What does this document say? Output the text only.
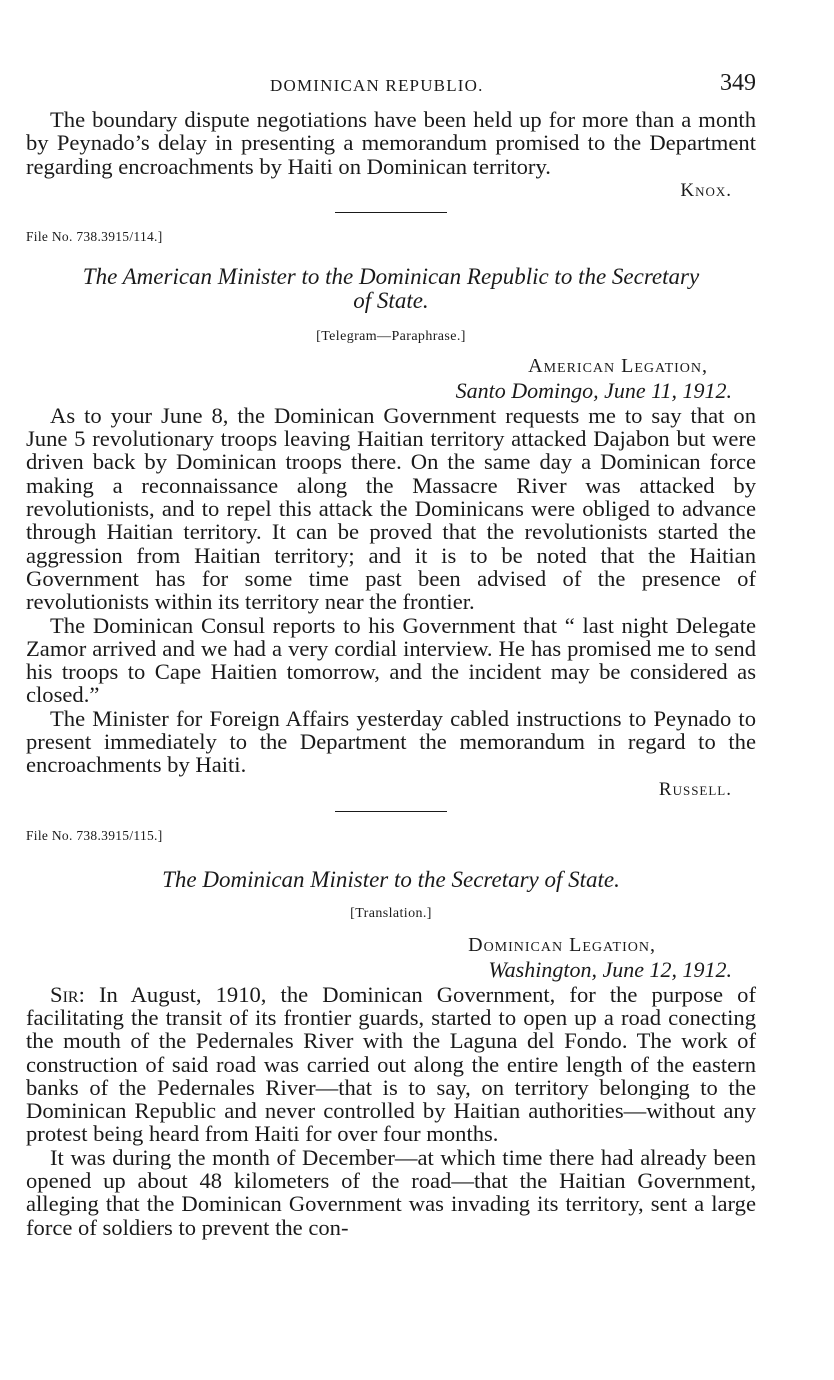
DOMINICAN REPUBLIO.	349

The boundary dispute negotiations have been held up for more than a month by Peynado’s delay in presenting a memorandum promised to the Department regarding encroachments by Haiti on Dominican territory.

Knox.
File No. 738.3915/114.]
The American Minister to the Dominican Republic to the Secretary
of State.
[Telegram—Paraphrase.]
American Legation,
Santo Domingo, June 11, 1912.

As to your June 8, the Dominican Government requests me to say that on June 5 revolutionary troops leaving Haitian territory attacked Dajabon but were driven back by Dominican troops there. On the same day a Dominican force making a reconnaissance along the Massacre River was attacked by revolutionists, and to repel this attack the Dominicans were obliged to advance through Haitian territory. It can be proved that the revolutionists started the aggression from Haitian territory; and it is to be noted that the Haitian Government has for some time past been advised of the presence of revolutionists within its territory near the frontier.

The Dominican Consul reports to his Government that “ last night Delegate Zamor arrived and we had a very cordial interview. He has promised me to send his troops to Cape Haitien tomorrow, and the incident may be considered as closed.”

The Minister for Foreign Affairs yesterday cabled instructions to Peynado to present immediately to the Department the memorandum in regard to the encroachments by Haiti.

Russell.
File No. 738.3915/115.]
The Dominican Minister to the Secretary of State.
[Translation.]
Dominican Legation,
Washington, June 12, 1912.

Sir: In August, 1910, the Dominican Government, for the purpose of facilitating the transit of its frontier guards, started to open up a road conecting the mouth of the Pedernales River with the Laguna del Fondo. The work of construction of said road was carried out along the entire length of the eastern banks of the Pedernales River—that is to say, on territory belonging to the Dominican Republic and never controlled by Haitian authorities—without any protest being heard from Haiti for over four months.

It was during the month of December—at which time there had already been opened up about 48 kilometers of the road—that the Haitian Government, alleging that the Dominican Government was invading its territory, sent a large force of soldiers to prevent the con-
